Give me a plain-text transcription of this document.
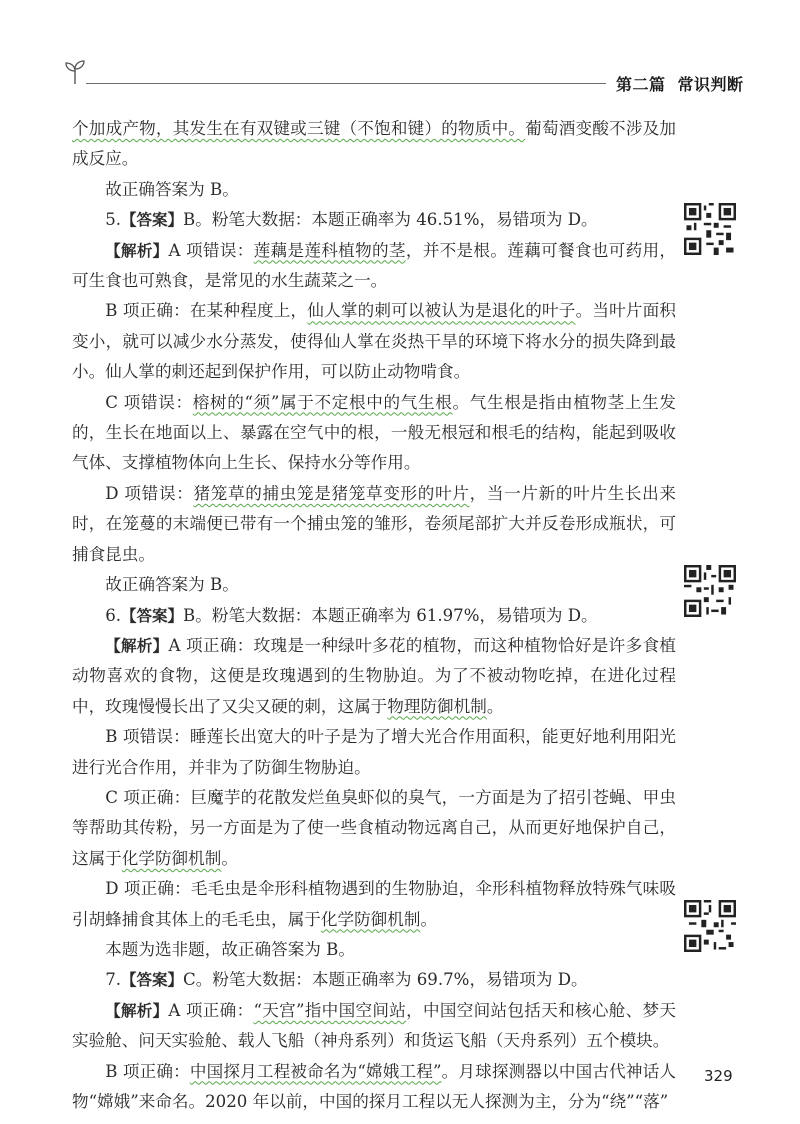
第二篇 常识判断

个加成产物，其发生在有双键或三键（不饱和键）的物质中。葡萄酒变酸不涉及加成反应。

故正确答案为 B。

5.【答案】B。粉笔大数据：本题正确率为 46.51%，易错项为 D。

【解析】A 项错误：莲藕是莲科植物的茎，并不是根。莲藕可餐食也可药用，可生食也可熟食，是常见的水生蔬菜之一。

B 项正确：在某种程度上，仙人掌的刺可以被认为是退化的叶子。当叶片面积变小，就可以减少水分蒸发，使得仙人掌在炎热干旱的环境下将水分的损失降到最小。仙人掌的刺还起到保护作用，可以防止动物啃食。

C 项错误：榕树的“须”属于不定根中的气生根。气生根是指由植物茎上生发的，生长在地面以上、暴露在空气中的根，一般无根冠和根毛的结构，能起到吸收气体、支撑植物体向上生长、保持水分等作用。

D 项错误：猪笼草的捕虫笼是猪笼草变形的叶片，当一片新的叶片生长出来时，在笼蔓的末端便已带有一个捕虫笼的雏形，卷须尾部扩大并反卷形成瓶状，可捕食昆虫。

故正确答案为 B。

6.【答案】B。粉笔大数据：本题正确率为 61.97%，易错项为 D。

【解析】A 项正确：玫瑰是一种绿叶多花的植物，而这种植物恰好是许多食植动物喜欢的食物，这便是玫瑰遇到的生物胁迫。为了不被动物吃掉，在进化过程中，玫瑰慢慢长出了又尖又硬的刺，这属于物理防御机制。

B 项错误：睡莲长出宽大的叶子是为了增大光合作用面积，能更好地利用阳光进行光合作用，并非为了防御生物胁迫。

C 项正确：巨魔芋的花散发烂鱼臭虾似的臭气，一方面是为了招引苍蝇、甲虫等帮助其传粉，另一方面是为了使一些食植动物远离自己，从而更好地保护自己，这属于化学防御机制。

D 项正确：毛毛虫是伞形科植物遇到的生物胁迫，伞形科植物释放特殊气味吸引胡蜂捕食其体上的毛毛虫，属于化学防御机制。

本题为选非题，故正确答案为 B。

7.【答案】C。粉笔大数据：本题正确率为 69.7%，易错项为 D。

【解析】A 项正确：“天宫”指中国空间站，中国空间站包括天和核心舱、梦天实验舱、问天实验舱、载人飞船（神舟系列）和货运飞船（天舟系列）五个模块。

B 项正确：中国探月工程被命名为“嫦娥工程”。月球探测器以中国古代神话人物“嫦娥”来命名。2020 年以前，中国的探月工程以无人探测为主，分为“绕”“落”

329
